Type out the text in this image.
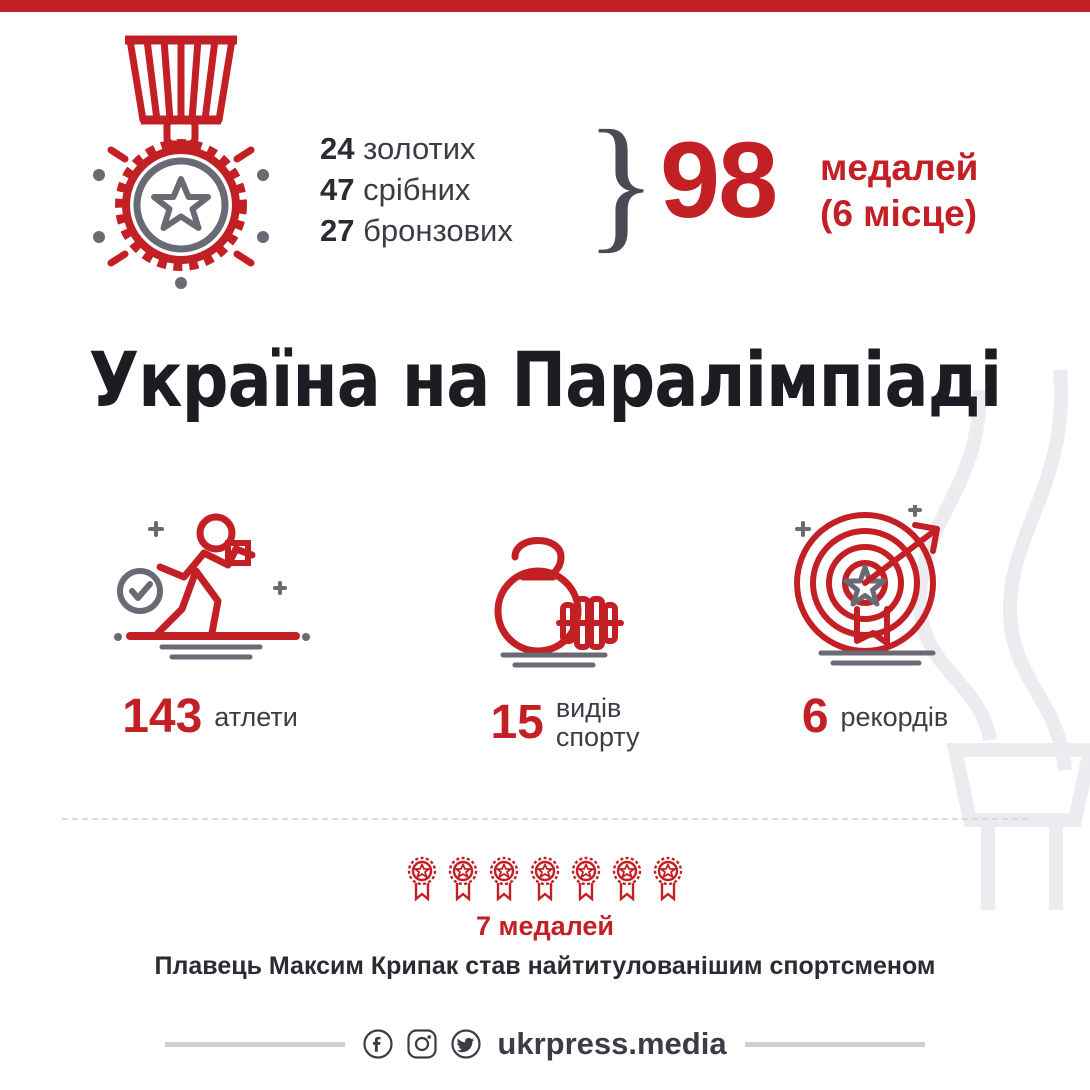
24 золотих
47 срібних
27 бронзових } 98 медалей
(6 місце)
Україна на Паралімпіаді
143 атлети	15 видів
спорту	6 рекордів
7 медалей
Плавець Максим Крипак став найтитулованішим спортсменом
ukrpress.media
